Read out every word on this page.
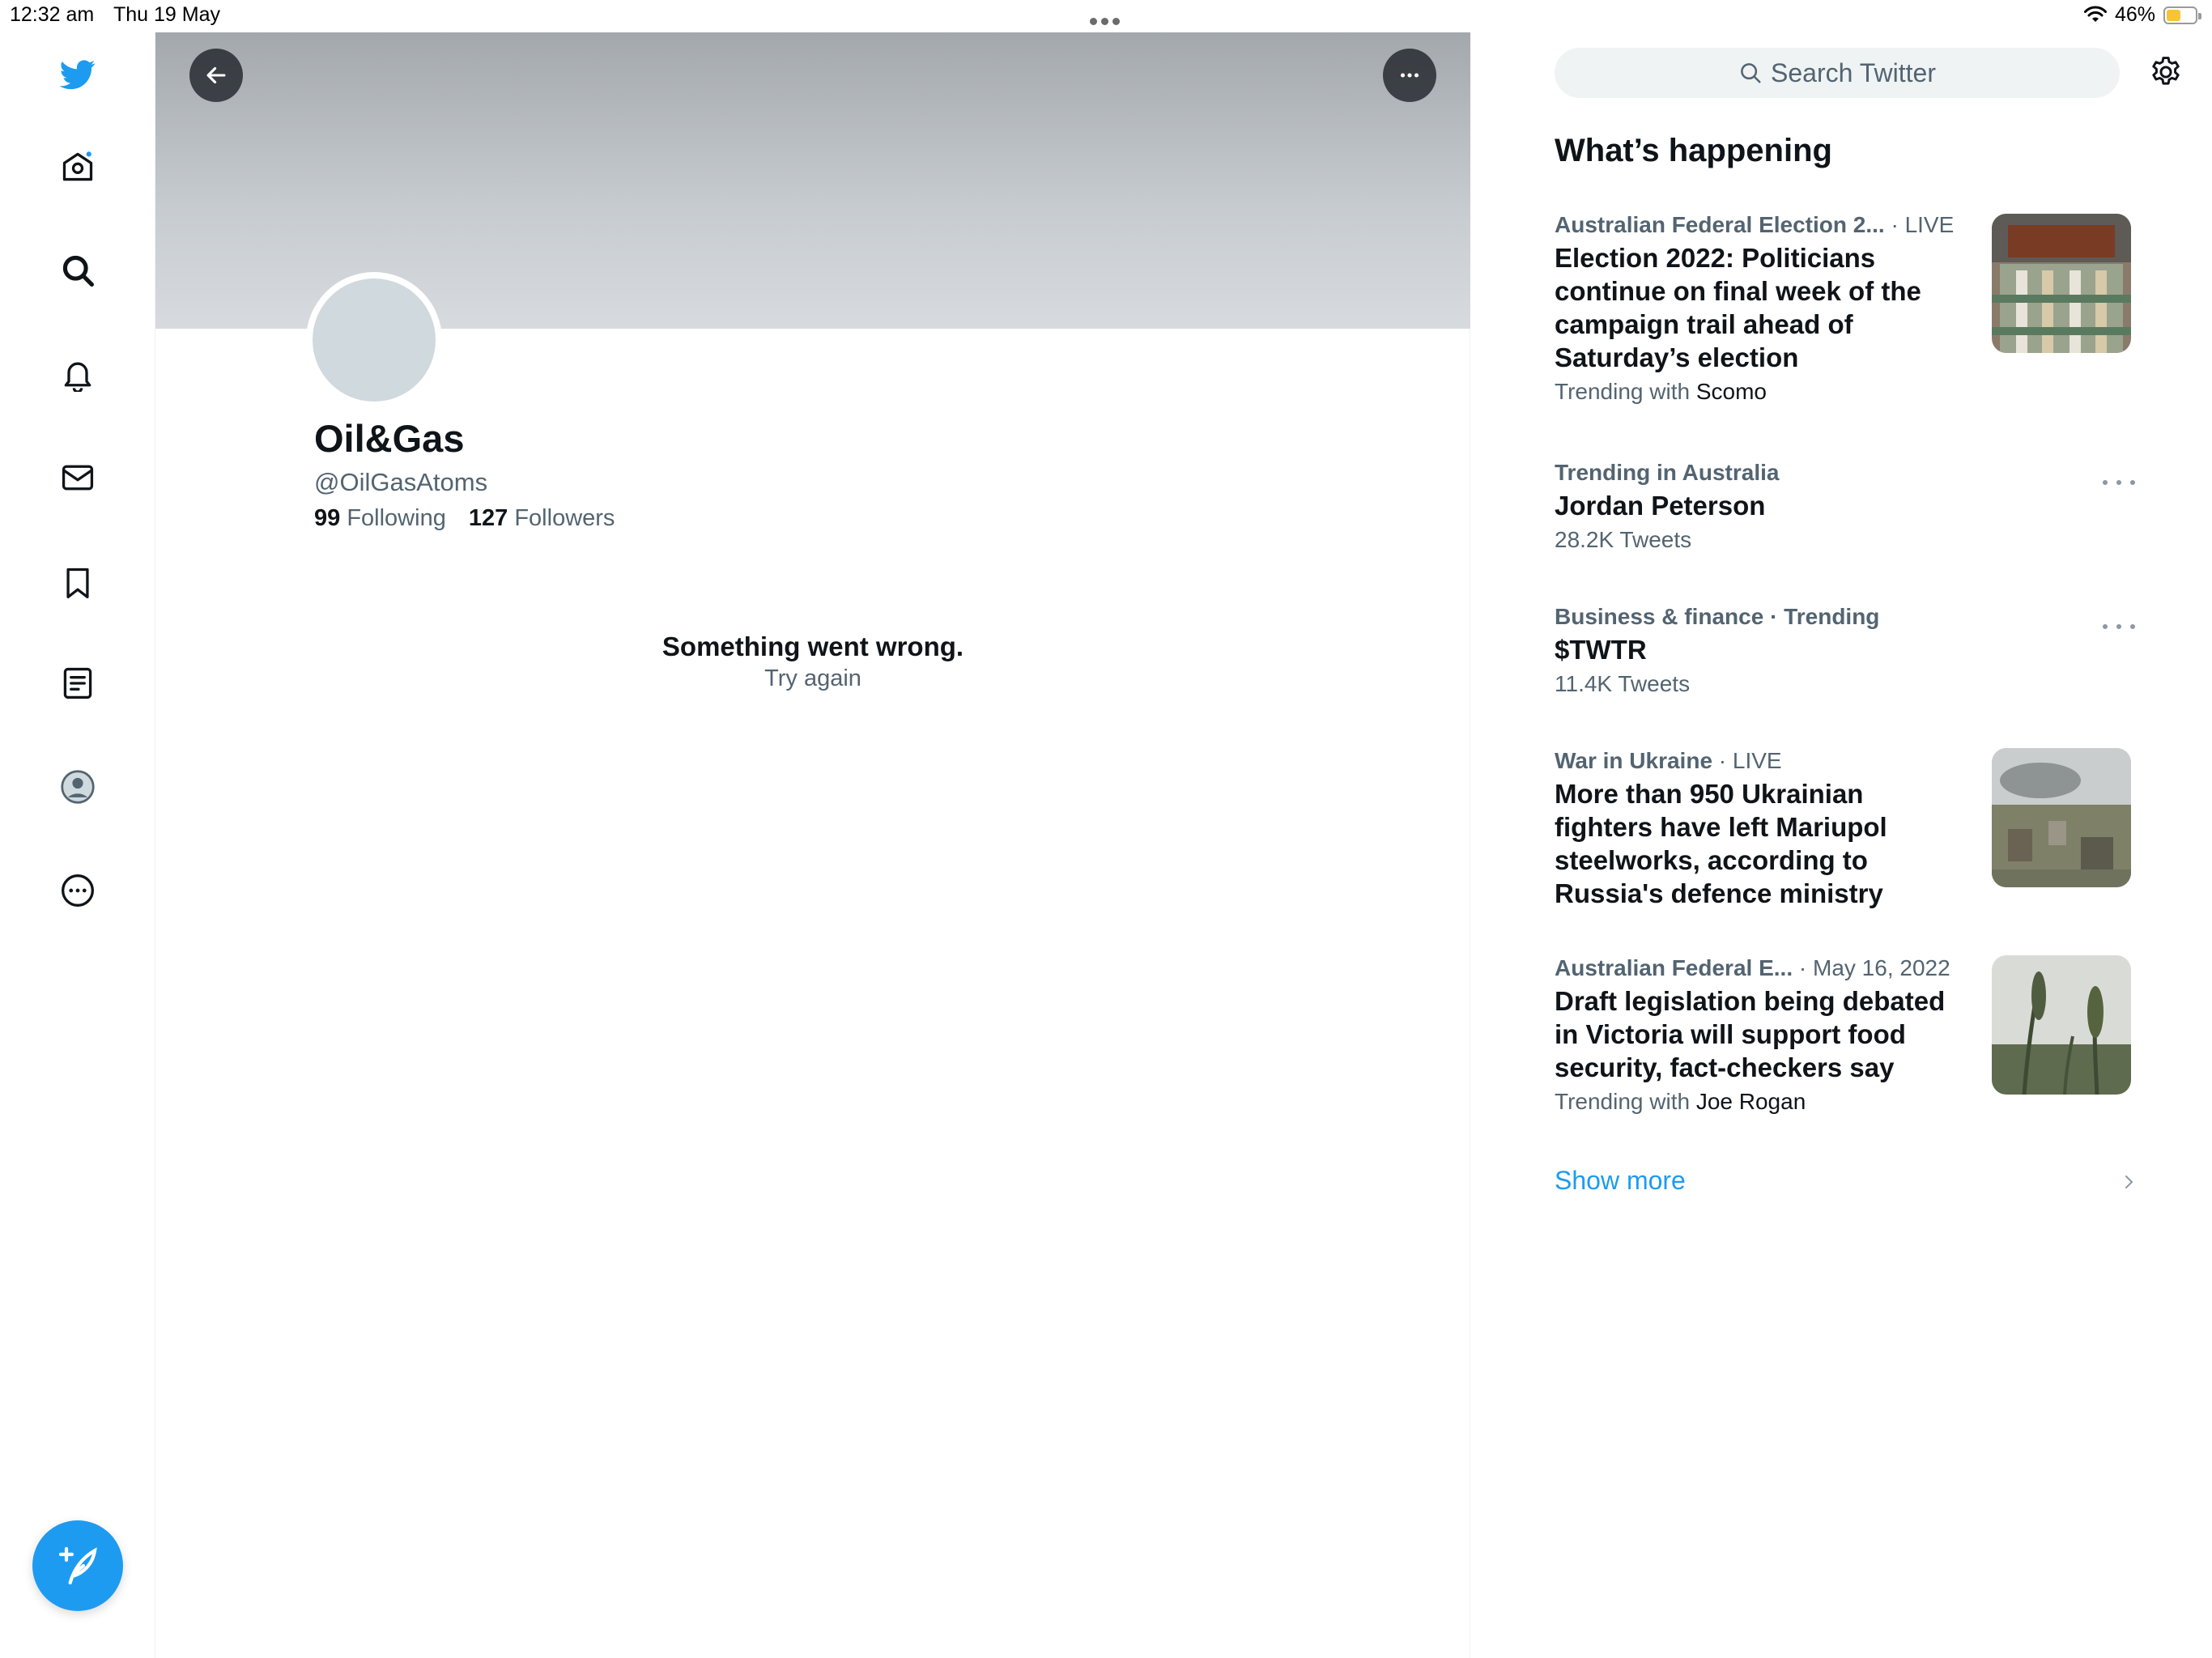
12:32 am Thu 19 May	46%
Oil&Gas
@OilGasAtoms
99 Following 127 Followers
Something went wrong.
Try again
Search Twitter
What’s happening
Australian Federal Election 2... · LIVE
Election 2022: Politicians continue on final week of the campaign trail ahead of Saturday’s election
Trending with Scomo
Trending in Australia
Jordan Peterson
28.2K Tweets
Business & finance · Trending
$TWTR
11.4K Tweets
War in Ukraine · LIVE
More than 950 Ukrainian fighters have left Mariupol steelworks, according to Russia's defence ministry
Australian Federal E... · May 16, 2022
Draft legislation being debated in Victoria will support food security, fact-checkers say
Trending with Joe Rogan
Show more
